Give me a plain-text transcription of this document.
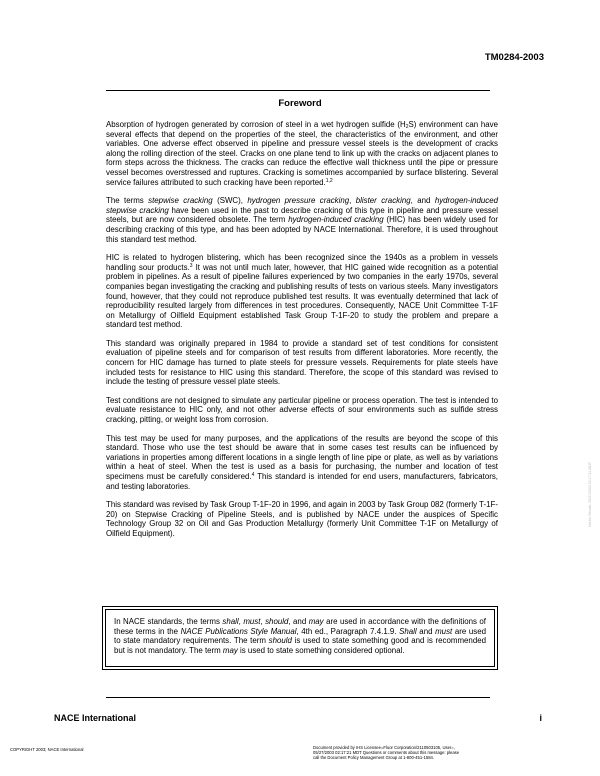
TM0284-2003
Foreword

Absorption of hydrogen generated by corrosion of steel in a wet hydrogen sulfide $(H_2S)$ environment can have several effects that depend on the properties of the steel, the characteristics of the environment, and other variables. One adverse effect observed in pipeline and pressure vessel steels is the development of cracks along the rolling direction of the steel. Cracks on one plane tend to link up with the cracks on adjacent planes to form steps across the thickness. The cracks can reduce the effective wall thickness until the pipe or pressure vessel becomes overstressed and ruptures. Cracking is sometimes accompanied by surface blistering. Several service failures attributed to such cracking have been reported.$^{1,2}$

The terms stepwise cracking (SWC), hydrogen pressure cracking, blister cracking, and hydrogen-induced stepwise cracking have been used in the past to describe cracking of this type in pipeline and pressure vessel steels, but are now considered obsolete. The term hydrogen-induced cracking (HIC) has been widely used for describing cracking of this type, and has been adopted by NACE International. Therefore, it is used throughout this standard test method.

HIC is related to hydrogen blistering, which has been recognized since the 1940s as a problem in vessels handling sour products.$^3$ It was not until much later, however, that HIC gained wide recognition as a potential problem in pipelines. As a result of pipeline failures experienced by two companies in the early 1970s, several companies began investigating the cracking and publishing results of tests on various steels. Many investigators found, however, that they could not reproduce published test results. It was eventually determined that lack of reproducibility resulted largely from differences in test procedures. Consequently, NACE Unit Committee T-1F on Metallurgy of Oilfield Equipment established Task Group T-1F-20 to study the problem and prepare a standard test method.

This standard was originally prepared in 1984 to provide a standard set of test conditions for consistent evaluation of pipeline steels and for comparison of test results from different laboratories. More recently, the concern for HIC damage has turned to plate steels for pressure vessels. Requirements for plate steels have included tests for resistance to HIC using this standard. Therefore, the scope of this standard was revised to include the testing of pressure vessel plate steels.

Test conditions are not designed to simulate any particular pipeline or process operation. The test is intended to evaluate resistance to HIC only, and not other adverse effects of sour environments such as sulfide stress cracking, pitting, or weight loss from corrosion.

This test may be used for many purposes, and the applications of the results are beyond the scope of this standard. Those who use the test should be aware that in some cases test results can be influenced by variations in properties among different locations in a single length of line pipe or plate, as well as by variations within a heat of steel. When the test is used as a basis for purchasing, the number and location of test specimens must be carefully considered.$^4$ This standard is intended for end users, manufacturers, fabricators, and testing laboratories.

This standard was revised by Task Group T-1F-20 in 1996, and again in 2003 by Task Group 082 (formerly T-1F-20) on Stepwise Cracking of Pipeline Steels, and is published by NACE under the auspices of Specific Technology Group 32 on Oil and Gas Production Metallurgy (formerly Unit Committee T-1F on Metallurgy of Oilfield Equipment).

In NACE standards, the terms shall, must, should, and may are used in accordance with the definitions of these terms in the NACE Publications Style Manual, 4th ed., Paragraph 7.4.1.9. Shall and must are used to state mandatory requirements. The term should is used to state something good and is recommended but is not mandatory. The term may is used to state something considered optional.
NACE International	i
COPYRIGHT 2003; NACE International	Document provided by IHS Licensee=Fluor Corporation/2110503105, User=, 05/27/2003 02:17:21 MDT Questions or comments about this message: please call the Document Policy Management Group at 1-800-451-1584.
Not for Resale, 05/27/2003 02:17:21 MDT
